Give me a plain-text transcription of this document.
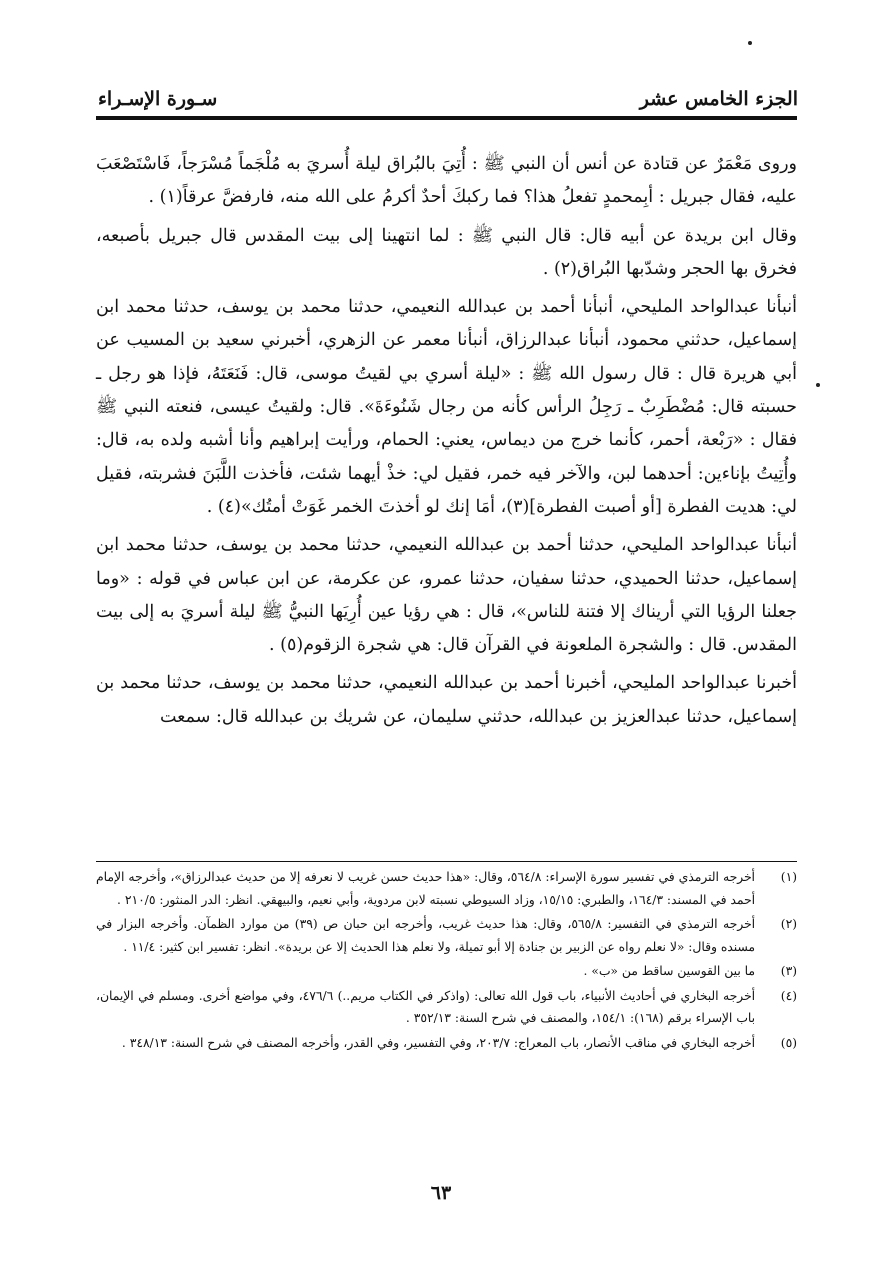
الجزء الخامس عشر
سـورة الإسـراء

وروى مَعْمَرٌ عن قتادة عن أنس أن النبي ﷺ : أُتِيَ بالبُراق ليلة أُسريَ به مُلْجَماً مُسْرَجاً، فَاسْتَصْعَبَ عليه، فقال جبريل : أبِمحمدٍ تفعلُ هذا؟ فما ركبكَ أحدٌ أكرمُ على الله منه، فارفضَّ عرقاً(١) .

وقال ابن بريدة عن أبيه قال: قال النبي ﷺ : لما انتهينا إلى بيت المقدس قال جبريل بأصبعه، فخرق بها الحجر وشدّبها البُراق(٢) .

أنبأنا عبدالواحد المليحي، أنبأنا أحمد بن عبدالله النعيمي، حدثنا محمد بن يوسف، حدثنا محمد ابن إسماعيل، حدثني محمود، أنبأنا عبدالرزاق، أنبأنا معمر عن الزهري، أخبرني سعيد بن المسيب عن أبي هريرة قال : قال رسول الله ﷺ : «ليلة أسري بي لقيتُ موسى، قال: فَنَعَتَهُ، فإذا هو رجل ـ حسبته قال: مُضْطَرِبٌ ـ رَجِلُ الرأس كأنه من رجال شَنُوءَةَ». قال: ولقيتُ عيسى، فنعته النبي ﷺ فقال : «رَبْعة، أحمر، كأنما خرج من ديماس، يعني: الحمام، ورأيت إبراهيم وأنا أشبه ولده به، قال: وأُتِيتُ بإناءين: أحدهما لبن، والآخر فيه خمر، فقيل لي: خذْ أيهما شئت، فأخذت اللَّبَنَ فشربته، فقيل لي: هديت الفطرة [أو أصبت الفطرة](٣)، أمَا إنك لو أخذتَ الخمر غَوَتْ أمتُك»(٤) .

أنبأنا عبدالواحد المليحي، حدثنا أحمد بن عبدالله النعيمي، حدثنا محمد بن يوسف، حدثنا محمد ابن إسماعيل، حدثنا الحميدي، حدثنا سفيان، حدثنا عمرو، عن عكرمة، عن ابن عباس في قوله : «وما جعلنا الرؤيا التي أريناك إلا فتنة للناس»، قال : هي رؤيا عين أُرِيَها النبيُّ ﷺ ليلة أسريَ به إلى بيت المقدس. قال : والشجرة الملعونة في القرآن قال: هي شجرة الزقوم(٥) .

أخبرنا عبدالواحد المليحي، أخبرنا أحمد بن عبدالله النعيمي، حدثنا محمد بن يوسف، حدثنا محمد بن إسماعيل، حدثنا عبدالعزيز بن عبدالله، حدثني سليمان، عن شريك بن عبدالله قال: سمعت

(١)
أخرجه الترمذي في تفسير سورة الإسراء: ٥٦٤/٨، وقال: «هذا حديث حسن غريب لا نعرفه إلا من حديث عبدالرزاق»، وأخرجه الإمام أحمد في المسند: ١٦٤/٣، والطبري: ١٥/١٥، وزاد السيوطي نسبته لابن مردوية، وأبي نعيم، والبيهقي. انظر: الدر المنثور: ٢١٠/٥ .
(٢)
أخرجه الترمذي في التفسير: ٥٦٥/٨، وقال: هذا حديث غريب، وأخرجه ابن حبان ص (٣٩) من موارد الظمآن. وأخرجه البزار في مسنده وقال: «لا نعلم رواه عن الزبير بن جنادة إلا أبو تميلة، ولا نعلم هذا الحديث إلا عن بريدة». انظر: تفسير ابن كثير: ١١/٤ .
(٣)
ما بين القوسين ساقط من «ب» .
(٤)
أخرجه البخاري في أحاديث الأنبياء، باب قول الله تعالى: (واذكر في الكتاب مريم..) ٤٧٦/٦، وفي مواضع أخرى. ومسلم في الإيمان، باب الإسراء برقم (١٦٨): ١٥٤/١، والمصنف في شرح السنة: ٣٥٢/١٣ .
(٥)
أخرجه البخاري في مناقب الأنصار، باب المعراج: ٢٠٣/٧، وفي التفسير، وفي القدر، وأخرجه المصنف في شرح السنة: ٣٤٨/١٣ .
٦٣
